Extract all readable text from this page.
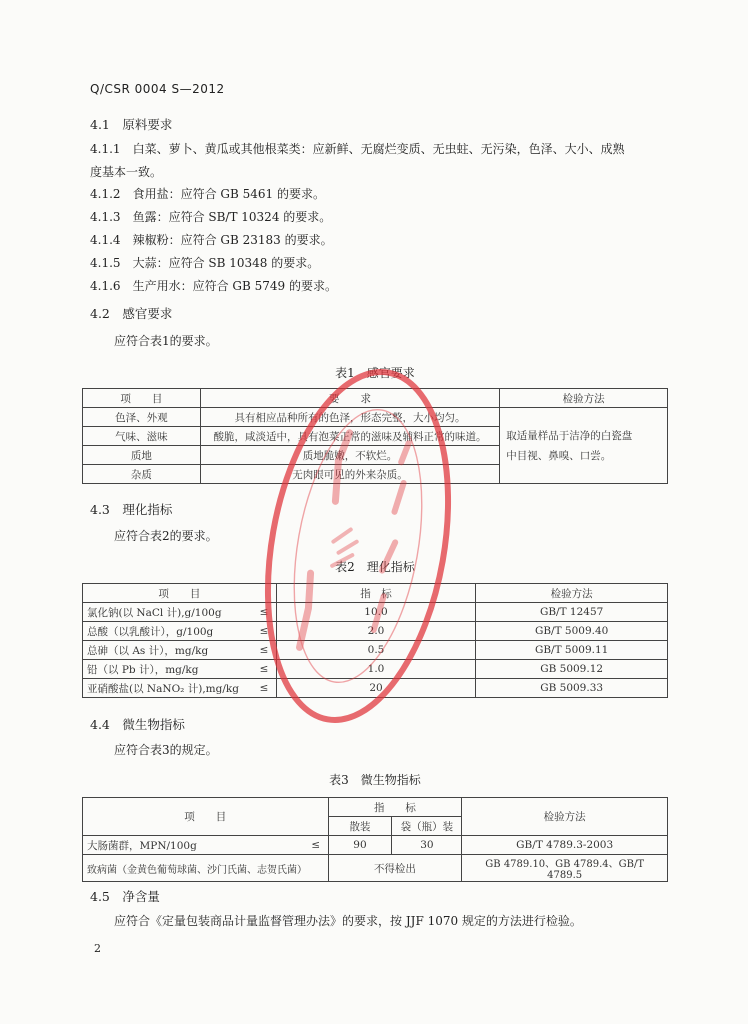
Q/CSR 0004 S—2012
4.1　原料要求
4.1.1　 白菜、萝卜、黄瓜或其他根菜类：应新鲜、无腐烂变质、无虫蛀、无污染，色泽、大小、成熟
度基本一致。
4.1.2　 食用盐：应符合 GB 5461 的要求。
4.1.3　 鱼露：应符合 SB/T 10324 的要求。
4.1.4　 辣椒粉：应符合 GB 23183 的要求。
4.1.5　 大蒜：应符合 SB 10348 的要求。
4.1.6　 生产用水：应符合 GB 5749 的要求。
4.2　感官要求
应符合表1的要求。
表1　感官要求
项　　目	要　　求	检验方法
色泽、外观	具有相应品种所有的色泽，形态完整，大小均匀。	取适量样品于洁净的白瓷盘
中目视、鼻嗅、口尝。
气味、滋味	酸脆，咸淡适中，具有泡菜正常的滋味及辅料正常的味道。	
质地	质地脆嫩，不软烂。	
杂质	无肉眼可见的外来杂质。	
4.3　理化指标
应符合表2的要求。
表2　理化指标
项　　目		指　标	检验方法
氯化钠(以 NaCl 计),g/100g	≤	10.0	GB/T 12457
总酸（以乳酸计），g/100g	≤	2.0	GB/T 5009.40
总砷（以 As 计），mg/kg	≤	0.5	GB/T 5009.11
铅（以 Pb 计），mg/kg	≤	1.0	GB 5009.12
亚硝酸盐(以 NaNO₂ 计),mg/kg	≤	20	GB 5009.33
4.4　微生物指标
应符合表3的规定。
表3　微生物指标
项　　目		指　　标		检验方法
		散装	袋（瓶）装	
大肠菌群，MPN/100g	≤	90	30	GB/T 4789.3-2003
致病菌（金黄色葡萄球菌、沙门氏菌、志贺氏菌）		不得检出		GB 4789.10、GB 4789.4、GB/T 4789.5
4.5　净含量
应符合《定量包装商品计量监督管理办法》的要求，按 JJF 1070 规定的方法进行检验。
2
